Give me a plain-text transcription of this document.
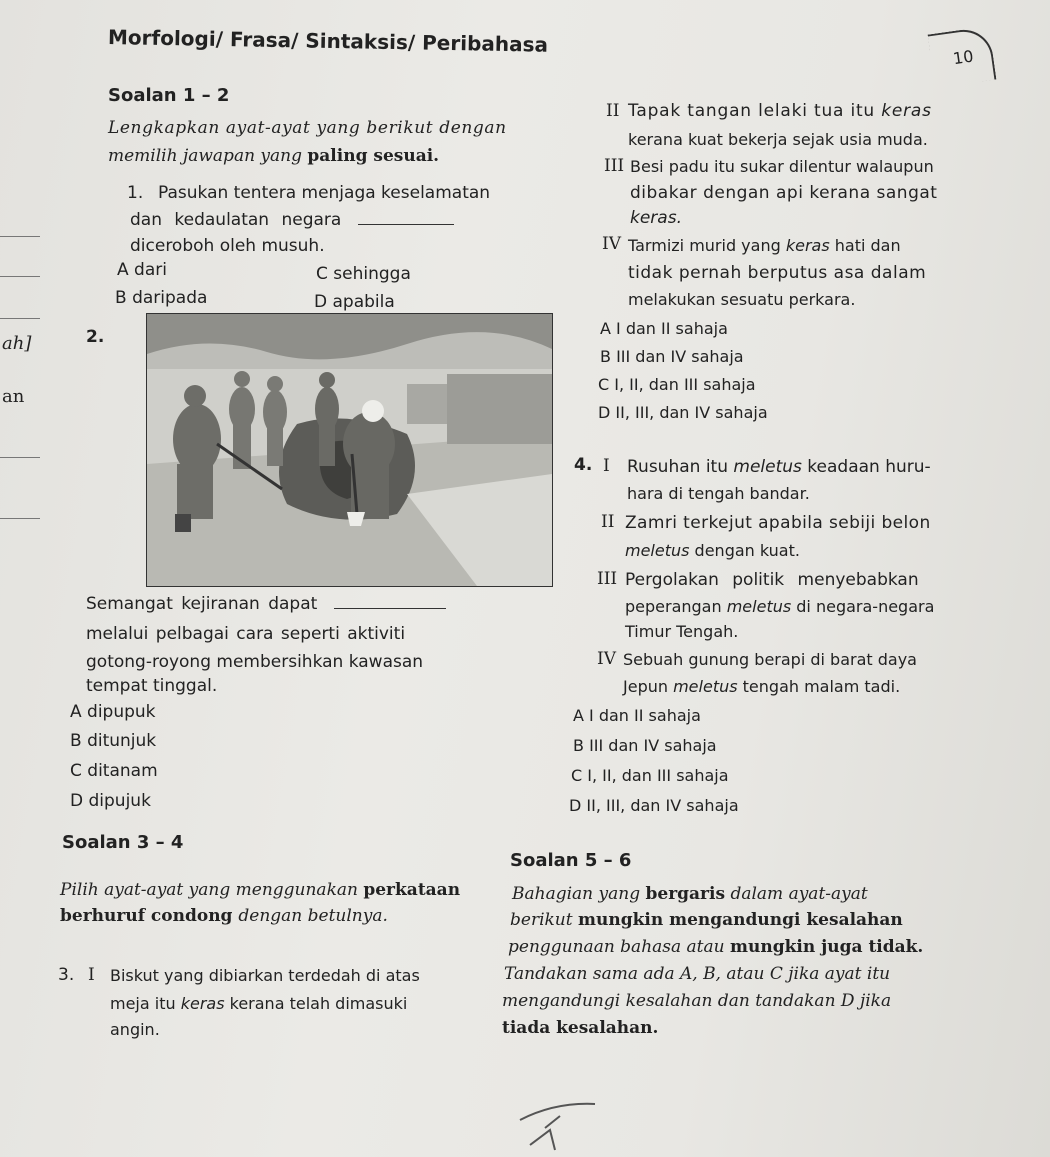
ah]
an
Morfologi/ Frasa/ Sintaksis/ Peribahasa
10
Soalan 1 – 2
Lengkapkan ayat-ayat yang berikut dengan
memilih jawapan yang paling sesuai.
1. Pasukan tentera menjaga keselamatan
dan kedaulatan negara
diceroboh oleh musuh.
A dari	C sehingga
B daripada	D apabila
2.
Semangat kejiranan dapat
melalui pelbagai cara seperti aktiviti
gotong-royong membersihkan kawasan
tempat tinggal.
A dipupuk
B ditunjuk
C ditanam
D dipujuk
Soalan 3 – 4
Pilih ayat-ayat yang menggunakan perkataan
berhuruf condong dengan betulnya.
3. I Biskut yang dibiarkan terdedah di atas
meja itu keras kerana telah dimasuki
angin.
II Tapak tangan lelaki tua itu keras
kerana kuat bekerja sejak usia muda.
III Besi padu itu sukar dilentur walaupun
dibakar dengan api kerana sangat
keras.
IV Tarmizi murid yang keras hati dan
tidak pernah berputus asa dalam
melakukan sesuatu perkara.
A I dan II sahaja
B III dan IV sahaja
C I, II, dan III sahaja
D II, III, dan IV sahaja
4. I Rusuhan itu meletus keadaan huru-
hara di tengah bandar.
II Zamri terkejut apabila sebiji belon
meletus dengan kuat.
III Pergolakan politik menyebabkan
peperangan meletus di negara-negara
Timur Tengah.
IV Sebuah gunung berapi di barat daya
Jepun meletus tengah malam tadi.
A I dan II sahaja
B III dan IV sahaja
C I, II, dan III sahaja
D II, III, dan IV sahaja
Soalan 5 – 6
Bahagian yang bergaris dalam ayat-ayat
berikut mungkin mengandungi kesalahan
penggunaan bahasa atau mungkin juga tidak.
Tandakan sama ada A, B, atau C jika ayat itu
mengandungi kesalahan dan tandakan D jika
tiada kesalahan.
